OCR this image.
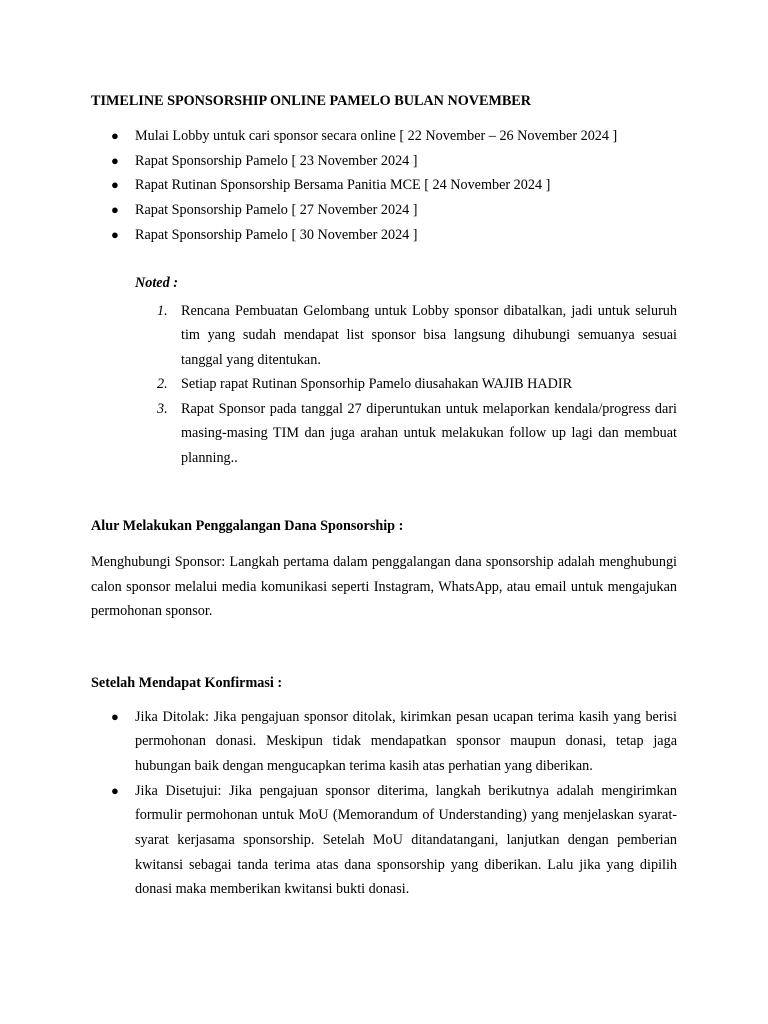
TIMELINE SPONSORSHIP ONLINE PAMELO BULAN NOVEMBER

● Mulai Lobby untuk cari sponsor secara online [ 22 November – 26 November 2024 ]
● Rapat Sponsorship Pamelo [ 23 November 2024 ]
● Rapat Rutinan Sponsorship Bersama Panitia MCE [ 24 November 2024 ]
● Rapat Sponsorship Pamelo [ 27 November 2024 ]
● Rapat Sponsorship Pamelo [ 30 November 2024 ]

Noted :

1. Rencana Pembuatan Gelombang untuk Lobby sponsor dibatalkan, jadi untuk seluruh tim yang sudah mendapat list sponsor bisa langsung dihubungi semuanya sesuai tanggal yang ditentukan.
2. Setiap rapat Rutinan Sponsorhip Pamelo diusahakan WAJIB HADIR
3. Rapat Sponsor pada tanggal 27 diperuntukan untuk melaporkan kendala/progress dari masing-masing TIM dan juga arahan untuk melakukan follow up lagi dan membuat planning..

Alur Melakukan Penggalangan Dana Sponsorship :

Menghubungi Sponsor: Langkah pertama dalam penggalangan dana sponsorship adalah menghubungi calon sponsor melalui media komunikasi seperti Instagram, WhatsApp, atau email untuk mengajukan permohonan sponsor.

Setelah Mendapat Konfirmasi :

● Jika Ditolak: Jika pengajuan sponsor ditolak, kirimkan pesan ucapan terima kasih yang berisi permohonan donasi. Meskipun tidak mendapatkan sponsor maupun donasi, tetap jaga hubungan baik dengan mengucapkan terima kasih atas perhatian yang diberikan.
● Jika Disetujui: Jika pengajuan sponsor diterima, langkah berikutnya adalah mengirimkan formulir permohonan untuk MoU (Memorandum of Understanding) yang menjelaskan syarat-syarat kerjasama sponsorship. Setelah MoU ditandatangani, lanjutkan dengan pemberian kwitansi sebagai tanda terima atas dana sponsorship yang diberikan. Lalu jika yang dipilih donasi maka memberikan kwitansi bukti donasi.
